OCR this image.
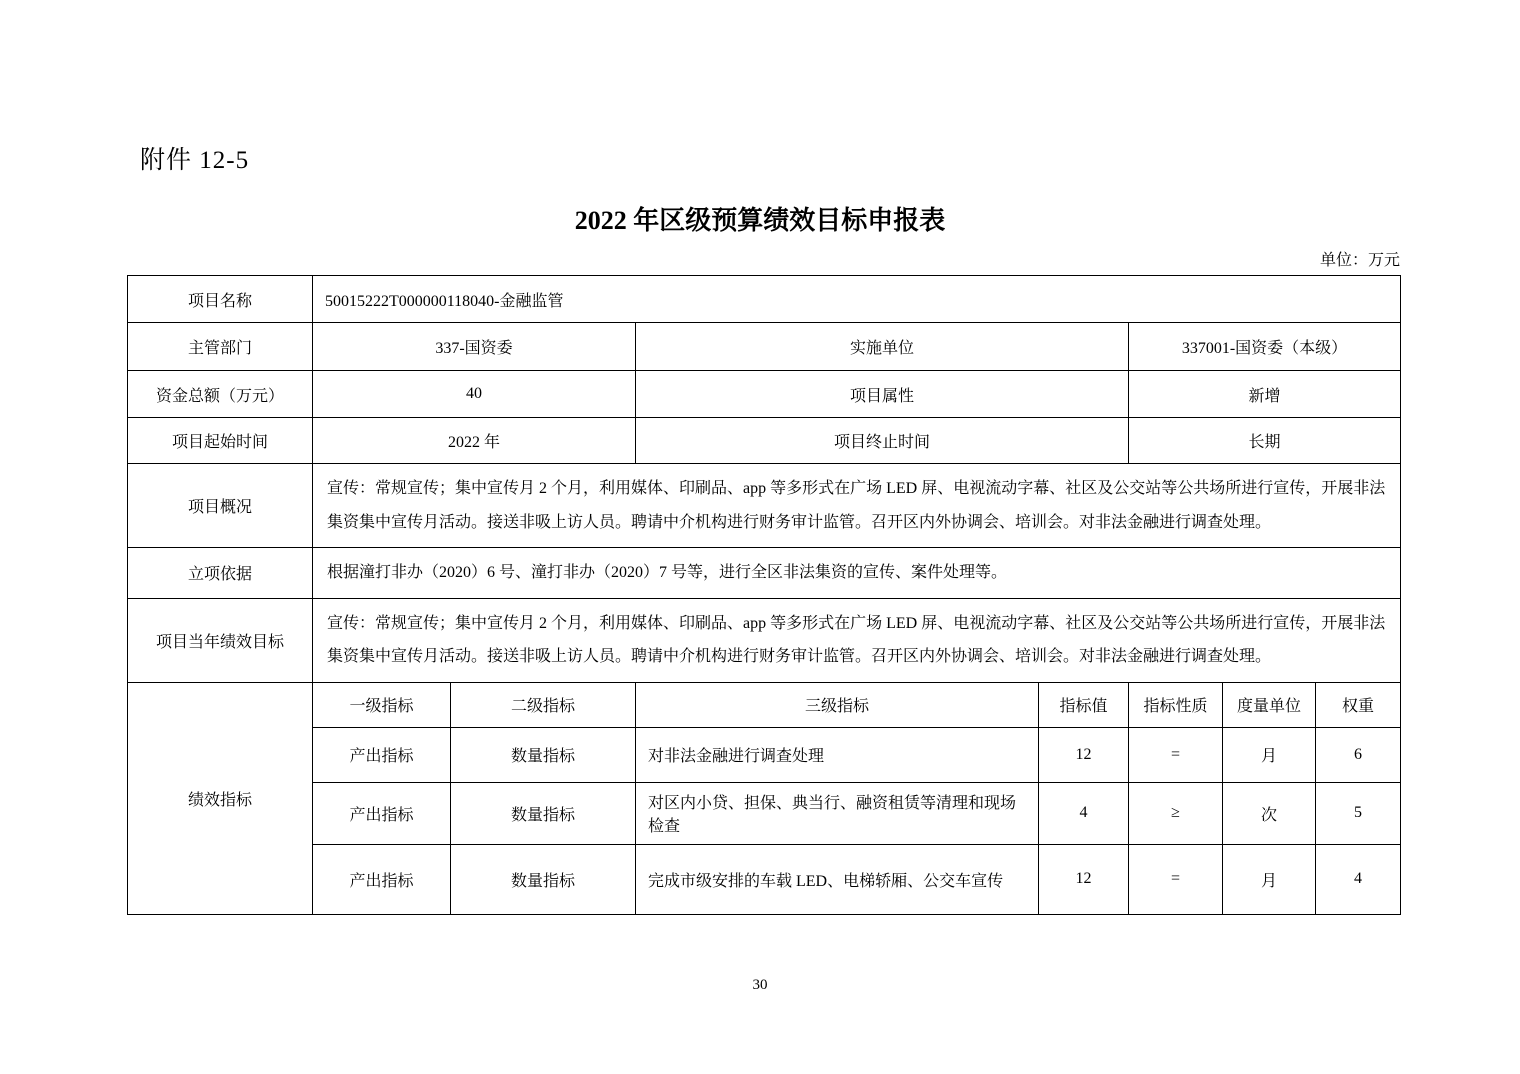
附件 12-5
2022 年区级预算绩效目标申报表
单位：万元
项目名称	50015222T000000118040-金融监管						
主管部门	337-国资委		实施单位		337001-国资委（本级）		
资金总额（万元）	40		项目属性		新增		
项目起始时间	2022 年		项目终止时间		长期		
项目概况	宣传：常规宣传；集中宣传月 2 个月，利用媒体、印刷品、app 等多形式在广场 LED 屏、电视流动字幕、社区及公交站等公共场所进行宣传，开展非法集资集中宣传月活动。接送非吸上访人员。聘请中介机构进行财务审计监管。召开区内外协调会、培训会。对非法金融进行调查处理。						
立项依据	根据潼打非办（2020）6 号、潼打非办（2020）7 号等，进行全区非法集资的宣传、案件处理等。						
项目当年绩效目标	宣传：常规宣传；集中宣传月 2 个月，利用媒体、印刷品、app 等多形式在广场 LED 屏、电视流动字幕、社区及公交站等公共场所进行宣传，开展非法集资集中宣传月活动。接送非吸上访人员。聘请中介机构进行财务审计监管。召开区内外协调会、培训会。对非法金融进行调查处理。						
绩效指标	一级指标	二级指标	三级指标	指标值	指标性质	度量单位	权重
	产出指标	数量指标	对非法金融进行调查处理	12	=	月	6
	产出指标	数量指标	对区内小贷、担保、典当行、融资租赁等清理和现场检查	4	≥	次	5
	产出指标	数量指标	完成市级安排的车载 LED、电梯轿厢、公交车宣传	12	=	月	4
30
